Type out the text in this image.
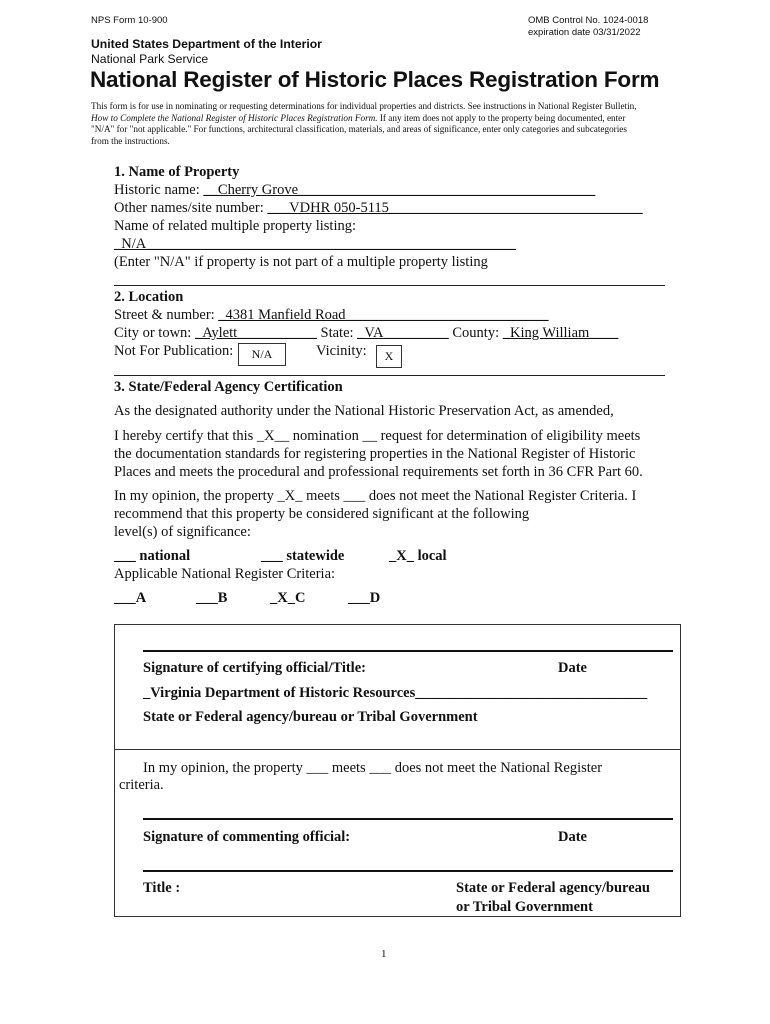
NPS Form 10-900	OMB Control No. 1024-0018
expiration date 03/31/2022
United States Department of the Interior
National Park Service
National Register of Historic Places Registration Form
This form is for use in nominating or requesting determinations for individual properties and districts. See instructions in National Register Bulletin,
How to Complete the National Register of Historic Places Registration Form. If any item does not apply to the property being documented, enter
"N/A" for "not applicable." For functions, architectural classification, materials, and areas of significance, enter only categories and subcategories
from the instructions.
1. Name of Property
Historic name: __Cherry Grove_________________________________________
Other names/site number: ___VDHR 050-5115___________________________________
Name of related multiple property listing:
_N/A___________________________________________________
(Enter "N/A" if property is not part of a multiple property listing
2. Location
Street & number: _4381 Manfield Road____________________________
City or town: _Aylett___________ State: _VA_________ County: _King William____
Not For Publication:	N/A	Vicinity:	X
3. State/Federal Agency Certification
As the designated authority under the National Historic Preservation Act, as amended,
I hereby certify that this _X__ nomination __ request for determination of eligibility meets
the documentation standards for registering properties in the National Register of Historic
Places and meets the procedural and professional requirements set forth in 36 CFR Part 60.
In my opinion, the property _X_ meets ___ does not meet the National Register Criteria. I
recommend that this property be considered significant at the following
level(s) of significance:
___ national	___ statewide	_X_ local
Applicable National Register Criteria:
___A	___B	_X_C	___D
Signature of certifying official/Title:	Date
_Virginia Department of Historic Resources________________________________
State or Federal agency/bureau or Tribal Government
In my opinion, the property ___ meets ___ does not meet the National Register
criteria.
Signature of commenting official:	Date
Title :	State or Federal agency/bureau
or Tribal Government
1
